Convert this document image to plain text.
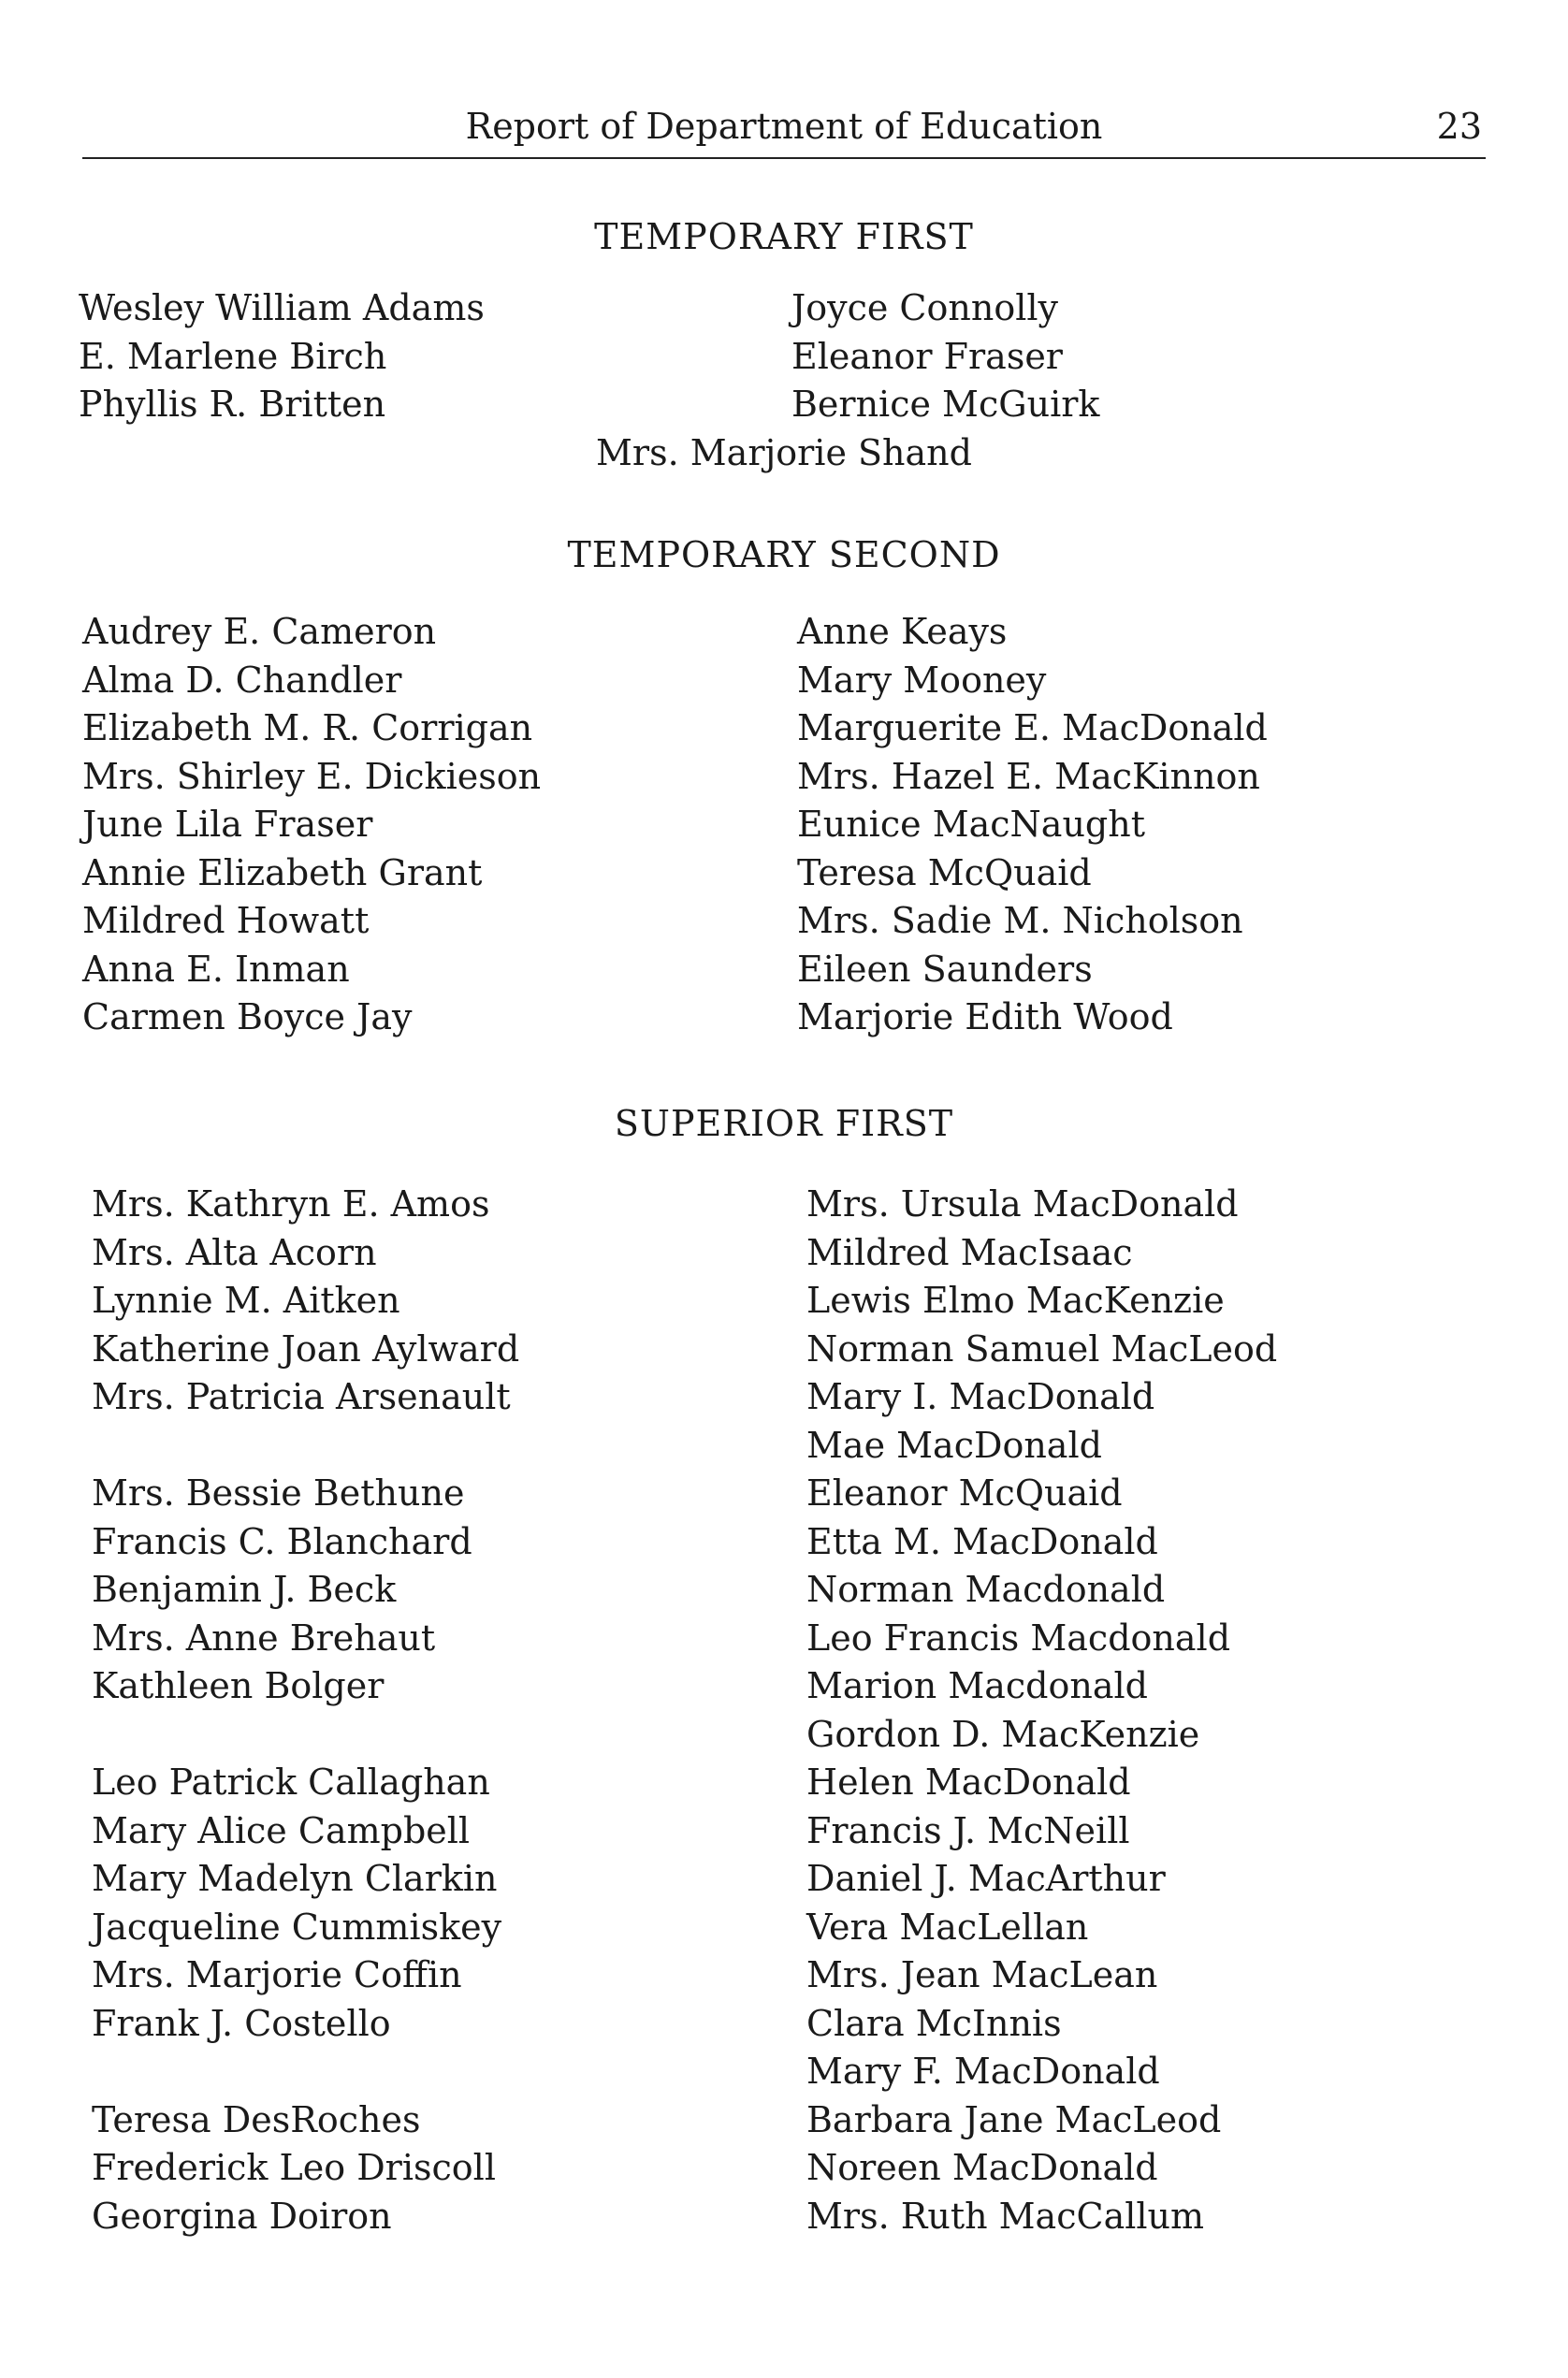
Report of Department of Education	23
TEMPORARY FIRST
Wesley William Adams
E. Marlene Birch
Phyllis R. Britten
Joyce Connolly
Eleanor Fraser
Bernice McGuirk
Mrs. Marjorie Shand
TEMPORARY SECOND
Audrey E. Cameron
Alma D. Chandler
Elizabeth M. R. Corrigan
Mrs. Shirley E. Dickieson
June Lila Fraser
Annie Elizabeth Grant
Mildred Howatt
Anna E. Inman
Carmen Boyce Jay
Anne Keays
Mary Mooney
Marguerite E. MacDonald
Mrs. Hazel E. MacKinnon
Eunice MacNaught
Teresa McQuaid
Mrs. Sadie M. Nicholson
Eileen Saunders
Marjorie Edith Wood
SUPERIOR FIRST
Mrs. Kathryn E. Amos
Mrs. Alta Acorn
Lynnie M. Aitken
Katherine Joan Aylward
Mrs. Patricia Arsenault
Mrs. Bessie Bethune
Francis C. Blanchard
Benjamin J. Beck
Mrs. Anne Brehaut
Kathleen Bolger
Leo Patrick Callaghan
Mary Alice Campbell
Mary Madelyn Clarkin
Jacqueline Cummiskey
Mrs. Marjorie Coffin
Frank J. Costello
Teresa DesRoches
Frederick Leo Driscoll
Georgina Doiron
Mrs. Ursula MacDonald
Mildred MacIsaac
Lewis Elmo MacKenzie
Norman Samuel MacLeod
Mary I. MacDonald
Mae MacDonald
Eleanor McQuaid
Etta M. MacDonald
Norman Macdonald
Leo Francis Macdonald
Marion Macdonald
Gordon D. MacKenzie
Helen MacDonald
Francis J. McNeill
Daniel J. MacArthur
Vera MacLellan
Mrs. Jean MacLean
Clara McInnis
Mary F. MacDonald
Barbara Jane MacLeod
Noreen MacDonald
Mrs. Ruth MacCallum
